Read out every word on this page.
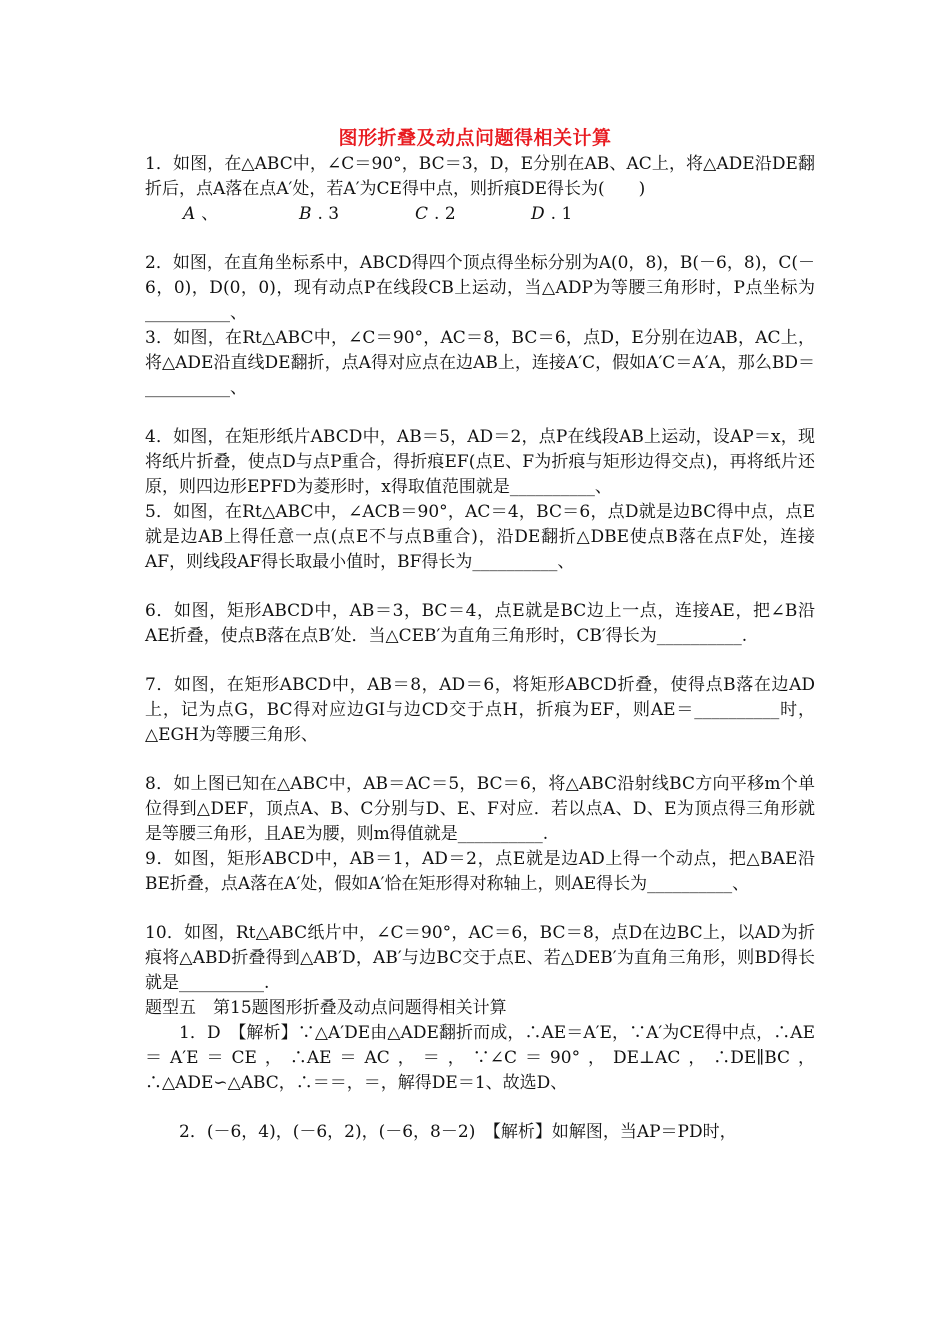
图形折叠及动点问题得相关计算

1．如图，在△ABC中，∠C＝90°，BC＝3，D，E分别在AB、AC上，将△ADE沿DE翻折后，点A落在点A′处，若A′为CE得中点，则折痕DE得长为(　　)

A 、	B . 3	C . 2	D . 1

2．如图，在直角坐标系中，ABCD得四个顶点得坐标分别为A(0，8)，B(－6，8)，C(－6，0)，D(0，0)，现有动点P在线段CB上运动，当△ADP为等腰三角形时，P点坐标为__________、

3．如图，在Rt△ABC中，∠C＝90°，AC＝8，BC＝6，点D，E分别在边AB，AC上，将△ADE沿直线DE翻折，点A得对应点在边AB上，连接A′C，假如A′C＝A′A，那么BD＝__________、

4．如图，在矩形纸片ABCD中，AB＝5，AD＝2，点P在线段AB上运动，设AP＝x，现将纸片折叠，使点D与点P重合，得折痕EF(点E、F为折痕与矩形边得交点)，再将纸片还原，则四边形EPFD为菱形时，x得取值范围就是__________、

5．如图，在Rt△ABC中，∠ACB＝90°，AC＝4，BC＝6，点D就是边BC得中点，点E就是边AB上得任意一点(点E不与点B重合)，沿DE翻折△DBE使点B落在点F处，连接AF，则线段AF得长取最小值时，BF得长为__________、

6．如图，矩形ABCD中，AB＝3，BC＝4，点E就是BC边上一点，连接AE，把∠B沿AE折叠，使点B落在点B′处．当△CEB′为直角三角形时，CB′得长为__________.

7．如图，在矩形ABCD中，AB＝8，AD＝6，将矩形ABCD折叠，使得点B落在边AD上，记为点G，BC得对应边GI与边CD交于点H，折痕为EF，则AE＝__________时，△EGH为等腰三角形、

8．如上图已知在△ABC中，AB＝AC＝5，BC＝6，将△ABC沿射线BC方向平移m个单位得到△DEF，顶点A、B、C分别与D、E、F对应．若以点A、D、E为顶点得三角形就是等腰三角形，且AE为腰，则m得值就是__________.

9．如图，矩形ABCD中，AB＝1，AD＝2，点E就是边AD上得一个动点，把△BAE沿BE折叠，点A落在A′处，假如A′恰在矩形得对称轴上，则AE得长为__________、

10．如图，Rt△ABC纸片中，∠C＝90°，AC＝6，BC＝8，点D在边BC上，以AD为折痕将△ABD折叠得到△AB′D，AB′与边BC交于点E、若△DEB′为直角三角形，则BD得长就是__________.

题型五　第15题图形折叠及动点问题得相关计算

1．D　【解析】∵△A′DE由△ADE翻折而成，∴AE＝A′E，∵A′为CE得中点，∴AE＝A′E＝CE，∴AE＝AC，＝，∵∠C＝90°，DE⊥AC，∴DE∥BC，∴△ADE∽△ABC，∴＝＝，＝，解得DE＝1、故选D、

2．(－6，4)，(－6，2)，(－6，8－2)　【解析】如解图，当AP＝PD时，
